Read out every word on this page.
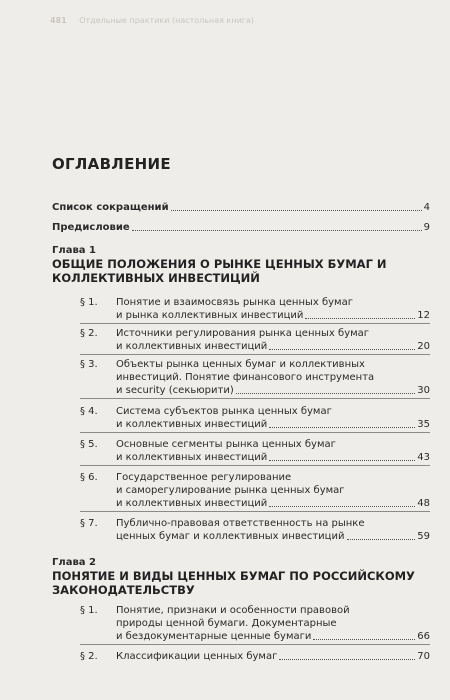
481 Отдельные практики (настольная книга)

ОГЛАВЛЕНИЕ
Список сокращений	4
Предисловие	9
Глава 1
ОБЩИЕ ПОЛОЖЕНИЯ О РЫНКЕ ЦЕННЫХ БУМАГ И
КОЛЛЕКТИВНЫХ ИНВЕСТИЦИЙ
§ 1.	Понятие и взаимосвязь рынка ценных бумаг
и рынка коллективных инвестиций	12
§ 2.	Источники регулирования рынка ценных бумаг
и коллективных инвестиций	20
§ 3.	Объекты рынка ценных бумаг и коллективных
инвестиций. Понятие финансового инструмента
и security (секьюрити)	30
§ 4.	Система субъектов рынка ценных бумаг
и коллективных инвестиций	35
§ 5.	Основные сегменты рынка ценных бумаг
и коллективных инвестиций	43
§ 6.	Государственное регулирование
и саморегулирование рынка ценных бумаг
и коллективных инвестиций	48
§ 7.	Публично-правовая ответственность на рынке
ценных бумаг и коллективных инвестиций	59
Глава 2
ПОНЯТИЕ И ВИДЫ ЦЕННЫХ БУМАГ ПО РОССИЙСКОМУ
ЗАКОНОДАТЕЛЬСТВУ
§ 1.	Понятие, признаки и особенности правовой
природы ценной бумаги. Документарные
и бездокументарные ценные бумаги	66
§ 2.	Классификации ценных бумаг	70
